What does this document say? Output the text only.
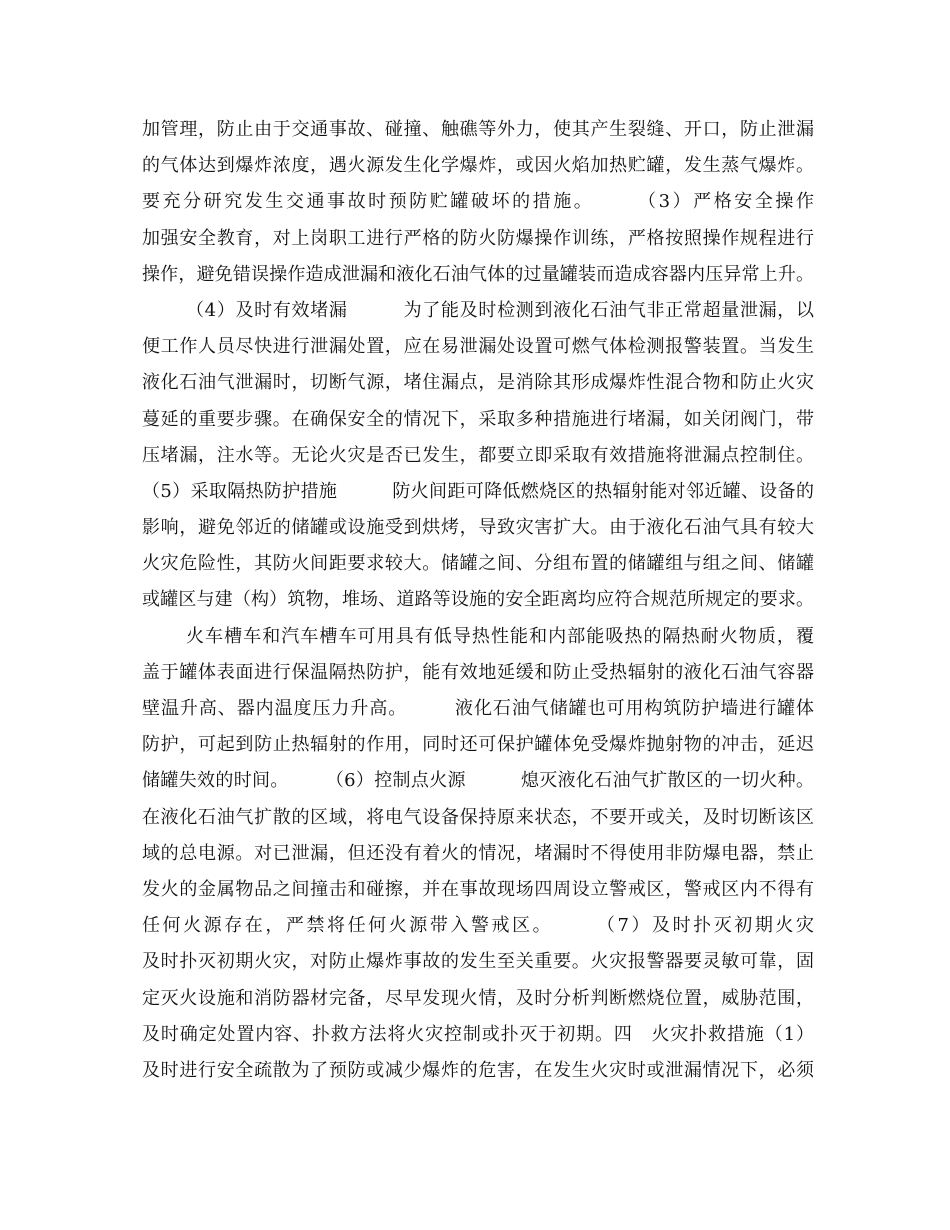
加管理，防止由于交通事故、碰撞、触礁等外力，使其产生裂缝、开口，防止泄漏
的气体达到爆炸浓度，遇火源发生化学爆炸，或因火焰加热贮罐，发生蒸气爆炸。
要充分研究发生交通事故时预防贮罐破坏的措施。　　　（3）严格安全操作
加强安全教育，对上岗职工进行严格的防火防爆操作训练，严格按照操作规程进行
操作，避免错误操作造成泄漏和液化石油气体的过量罐装而造成容器内压异常上升。
（4）及时有效堵漏　　　为了能及时检测到液化石油气非正常超量泄漏，以
便工作人员尽快进行泄漏处置，应在易泄漏处设置可燃气体检测报警装置。当发生
液化石油气泄漏时，切断气源，堵住漏点，是消除其形成爆炸性混合物和防止火灾
蔓延的重要步骤。在确保安全的情况下，采取多种措施进行堵漏，如关闭阀门，带
压堵漏，注水等。无论火灾是否已发生，都要立即采取有效措施将泄漏点控制住。
（5）采取隔热防护措施　　　防火间距可降低燃烧区的热辐射能对邻近罐、设备的
影响，避免邻近的储罐或设施受到烘烤，导致灾害扩大。由于液化石油气具有较大
火灾危险性，其防火间距要求较大。储罐之间、分组布置的储罐组与组之间、储罐
或罐区与建（构）筑物，堆场、道路等设施的安全距离均应符合规范所规定的要求。
火车槽车和汽车槽车可用具有低导热性能和内部能吸热的隔热耐火物质，覆
盖于罐体表面进行保温隔热防护，能有效地延缓和防止受热辐射的液化石油气容器
壁温升高、器内温度压力升高。　　　液化石油气储罐也可用构筑防护墙进行罐体
防护，可起到防止热辐射的作用，同时还可保护罐体免受爆炸抛射物的冲击，延迟
储罐失效的时间。　　　（6）控制点火源　　　熄灭液化石油气扩散区的一切火种。
在液化石油气扩散的区域，将电气设备保持原来状态，不要开或关，及时切断该区
域的总电源。对已泄漏，但还没有着火的情况，堵漏时不得使用非防爆电器，禁止
发火的金属物品之间撞击和碰擦，并在事故现场四周设立警戒区，警戒区内不得有
任何火源存在，严禁将任何火源带入警戒区。　　　（7）及时扑灭初期火灾
及时扑灭初期火灾，对防止爆炸事故的发生至关重要。火灾报警器要灵敏可靠，固
定灭火设施和消防器材完备，尽早发现火情，及时分析判断燃烧位置，威胁范围，
及时确定处置内容、扑救方法将火灾控制或扑灭于初期。四　火灾扑救措施（1）
及时进行安全疏散为了预防或减少爆炸的危害，在发生火灾时或泄漏情况下，必须
